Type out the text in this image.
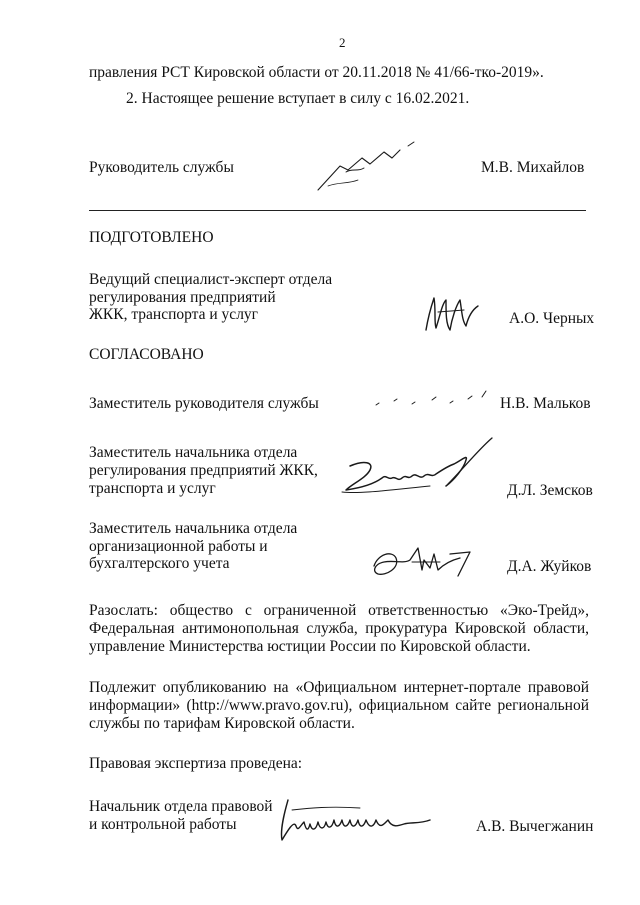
2
правления РСТ Кировской области от 20.11.2018 № 41/66-тко-2019».
2. Настоящее решение вступает в силу с 16.02.2021.
Руководитель службы	М.В. Михайлов
ПОДГОТОВЛЕНО
Ведущий специалист-эксперт отдела
регулирования предприятий
ЖКК, транспорта и услуг	А.О. Черных
СОГЛАСОВАНО
Заместитель руководителя службы	Н.В. Мальков
Заместитель начальника отдела
регулирования предприятий ЖКК,
транспорта и услуг	Д.Л. Земсков
Заместитель начальника отдела
организационной работы и
бухгалтерского учета	Д.А. Жуйков
Разослать: общество с ограниченной ответственностью «Эко-Трейд»,
Федеральная антимонопольная служба, прокуратура Кировской области,
управление Министерства юстиции России по Кировской области.
Подлежит опубликованию на «Официальном интернет-портале правовой
информации» (http://www.pravo.gov.ru), официальном сайте региональной
службы по тарифам Кировской области.
Правовая экспертиза проведена:
Начальник отдела правовой
и контрольной работы	А.В. Вычегжанин
